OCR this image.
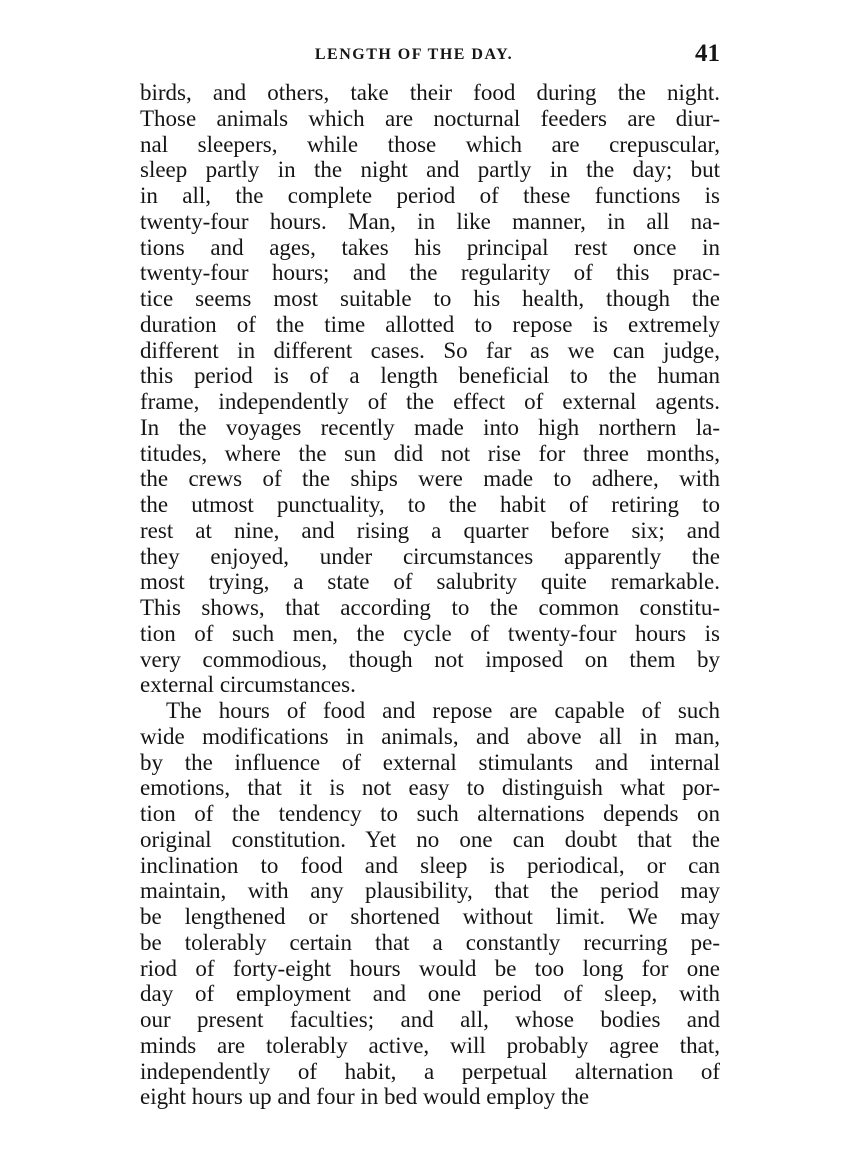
LENGTH OF THE DAY.	41
birds, and others, take their food during the night.
Those animals which are nocturnal feeders are diur-
nal sleepers, while those which are crepuscular,
sleep partly in the night and partly in the day; but
in all, the complete period of these functions is
twenty-four hours. Man, in like manner, in all na-
tions and ages, takes his principal rest once in
twenty-four hours; and the regularity of this prac-
tice seems most suitable to his health, though the
duration of the time allotted to repose is extremely
different in different cases. So far as we can judge,
this period is of a length beneficial to the human
frame, independently of the effect of external agents.
In the voyages recently made into high northern la-
titudes, where the sun did not rise for three months,
the crews of the ships were made to adhere, with
the utmost punctuality, to the habit of retiring to
rest at nine, and rising a quarter before six; and
they enjoyed, under circumstances apparently the
most trying, a state of salubrity quite remarkable.
This shows, that according to the common constitu-
tion of such men, the cycle of twenty-four hours is
very commodious, though not imposed on them by
external circumstances.
The hours of food and repose are capable of such
wide modifications in animals, and above all in man,
by the influence of external stimulants and internal
emotions, that it is not easy to distinguish what por-
tion of the tendency to such alternations depends on
original constitution. Yet no one can doubt that the
inclination to food and sleep is periodical, or can
maintain, with any plausibility, that the period may
be lengthened or shortened without limit. We may
be tolerably certain that a constantly recurring pe-
riod of forty-eight hours would be too long for one
day of employment and one period of sleep, with
our present faculties; and all, whose bodies and
minds are tolerably active, will probably agree that,
independently of habit, a perpetual alternation of
eight hours up and four in bed would employ the
